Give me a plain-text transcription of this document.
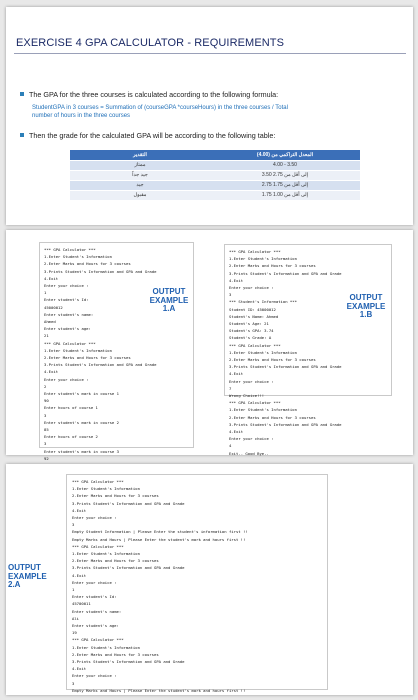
EXERCISE 4 GPA CALCULATOR - REQUIREMENTS
The GPA for the three courses is calculated according to the following formula:
StudentGPA in 3 courses = Summation of (courseGPA *courseHours) in the three courses / Total
number of hours in the three courses
Then the grade for the calculated GPA will be according to the following table:
التقدير	المعدل التراكمي من (4.00)
ممتاز	4.00 - 3.50
جيد جداً	3.50 إلى أقل من 2.75
جيد	2.75 إلى أقل من 1.75
مقبول	1.75 إلى أقل من 1.00
*** GPA Calculator ***
1.Enter Student's Information
2.Enter Marks and Hours for 3 courses
3.Prints Student's Information and GPA and Grade
4.Exit
Enter your choice :
1
Enter student's Id:
45000012
Enter student's name:
Ahmed
Enter student's age:
21
*** GPA Calculator ***
1.Enter Student's Information
2.Enter Marks and Hours for 3 courses
3.Prints Student's Information and GPA and Grade
4.Exit
Enter your choice :
2
Enter student's mark in course 1
90
Enter hours of course 1
3
Enter student's mark in course 2
85
Enter hours of course 2
3
Enter student's mark in course 3
92

OUTPUT
EXAMPLE
1.A
*** GPA Calculator ***
1.Enter Student's Information
2.Enter Marks and Hours for 3 courses
3.Prints Student's Information and GPA and Grade
4.Exit
Enter your choice :
3
*** Student's Information ***
Student ID: 45000012
Student's Name: Ahmed
Student's Age: 21
Student's GPA: 3.74
Student's Grade: A
*** GPA Calculator ***
1.Enter Student's Information
2.Enter Marks and Hours for 3 courses
3.Prints Student's Information and GPA and Grade
4.Exit
Enter your choice :
7
Wrong Choice!!!
*** GPA Calculator ***
1.Enter Student's Information
2.Enter Marks and Hours for 3 courses
3.Prints Student's Information and GPA and Grade
4.Exit
Enter your choice :
4
Exit.. Good Bye..
OUTPUT
EXAMPLE
1.B
OUTPUT
EXAMPLE
2.A
*** GPA Calculator ***
1.Enter Student's Information
2.Enter Marks and Hours for 3 courses
3.Prints Student's Information and GPA and Grade
4.Exit
Enter your choice :
3
Empty Student Information | Please Enter the student's information first !!
Empty Marks and Hours | Please Enter the student's mark and hours first !!
*** GPA Calculator ***
1.Enter Student's Information
2.Enter Marks and Hours for 3 courses
3.Prints Student's Information and GPA and Grade
4.Exit
Enter your choice :
1
Enter student's Id:
45700011
Enter student's name:
Ali
Enter student's age:
19
*** GPA Calculator ***
1.Enter Student's Information
2.Enter Marks and Hours for 3 courses
3.Prints Student's Information and GPA and Grade
4.Exit
Enter your choice :
3
Empty Marks and Hours | Please Enter the student's mark and hours first !!
